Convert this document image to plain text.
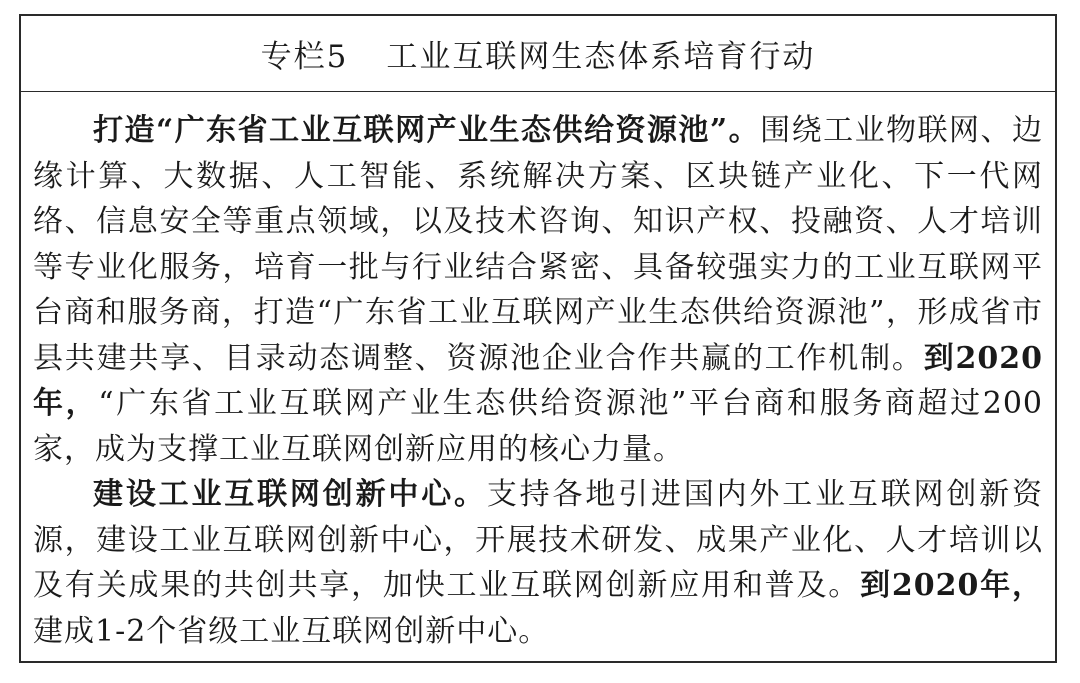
专栏5 工业互联网生态体系培育行动

打造“广东省工业互联网产业生态供给资源池”。围绕工业物联网、边缘计算、大数据、人工智能、系统解决方案、区块链产业化、下一代网络、信息安全等重点领域，以及技术咨询、知识产权、投融资、人才培训等专业化服务，培育一批与行业结合紧密、具备较强实力的工业互联网平台商和服务商，打造“广东省工业互联网产业生态供给资源池”，形成省市县共建共享、目录动态调整、资源池企业合作共赢的工作机制。到2020年，“广东省工业互联网产业生态供给资源池”平台商和服务商超过200家，成为支撑工业互联网创新应用的核心力量。

建设工业互联网创新中心。支持各地引进国内外工业互联网创新资源，建设工业互联网创新中心，开展技术研发、成果产业化、人才培训以及有关成果的共创共享，加快工业互联网创新应用和普及。到2020年，建成1-2个省级工业互联网创新中心。
